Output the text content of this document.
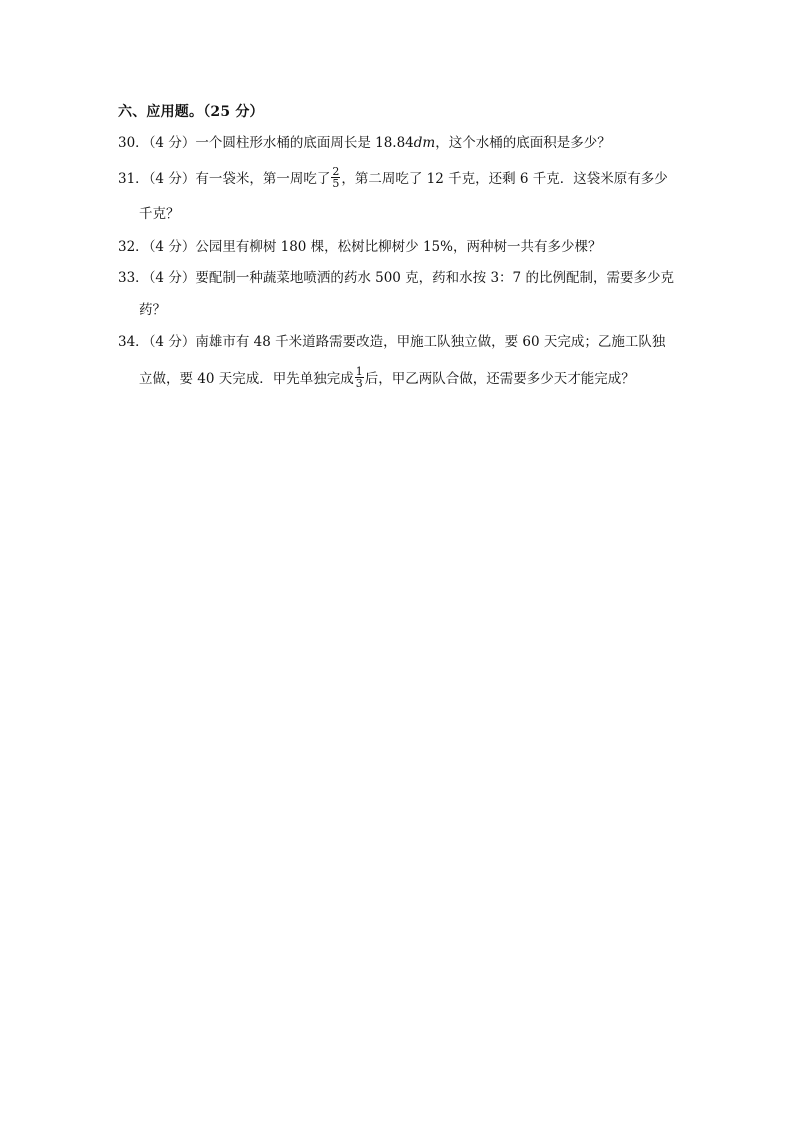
六、应用题。（25 分）
30．（4 分）一个圆柱形水桶的底面周长是 18.84dm，这个水桶的底面积是多少？
31．（4 分）有一袋米，第一周吃了 $\frac{2}{5}$ ，第二周吃了 12 千克，还剩 6 千克．这袋米原有多少
千克？
32．（4 分）公园里有柳树 180 棵，松树比柳树少 15%，两种树一共有多少棵？
33．（4 分）要配制一种蔬菜地喷洒的药水 500 克，药和水按 3：7 的比例配制，需要多少克
药？
34．（4 分）南雄市有 48 千米道路需要改造，甲施工队独立做，要 60 天完成；乙施工队独
立做，要 40 天完成．甲先单独完成 $\frac{1}{3}$ 后，甲乙两队合做，还需要多少天才能完成？
